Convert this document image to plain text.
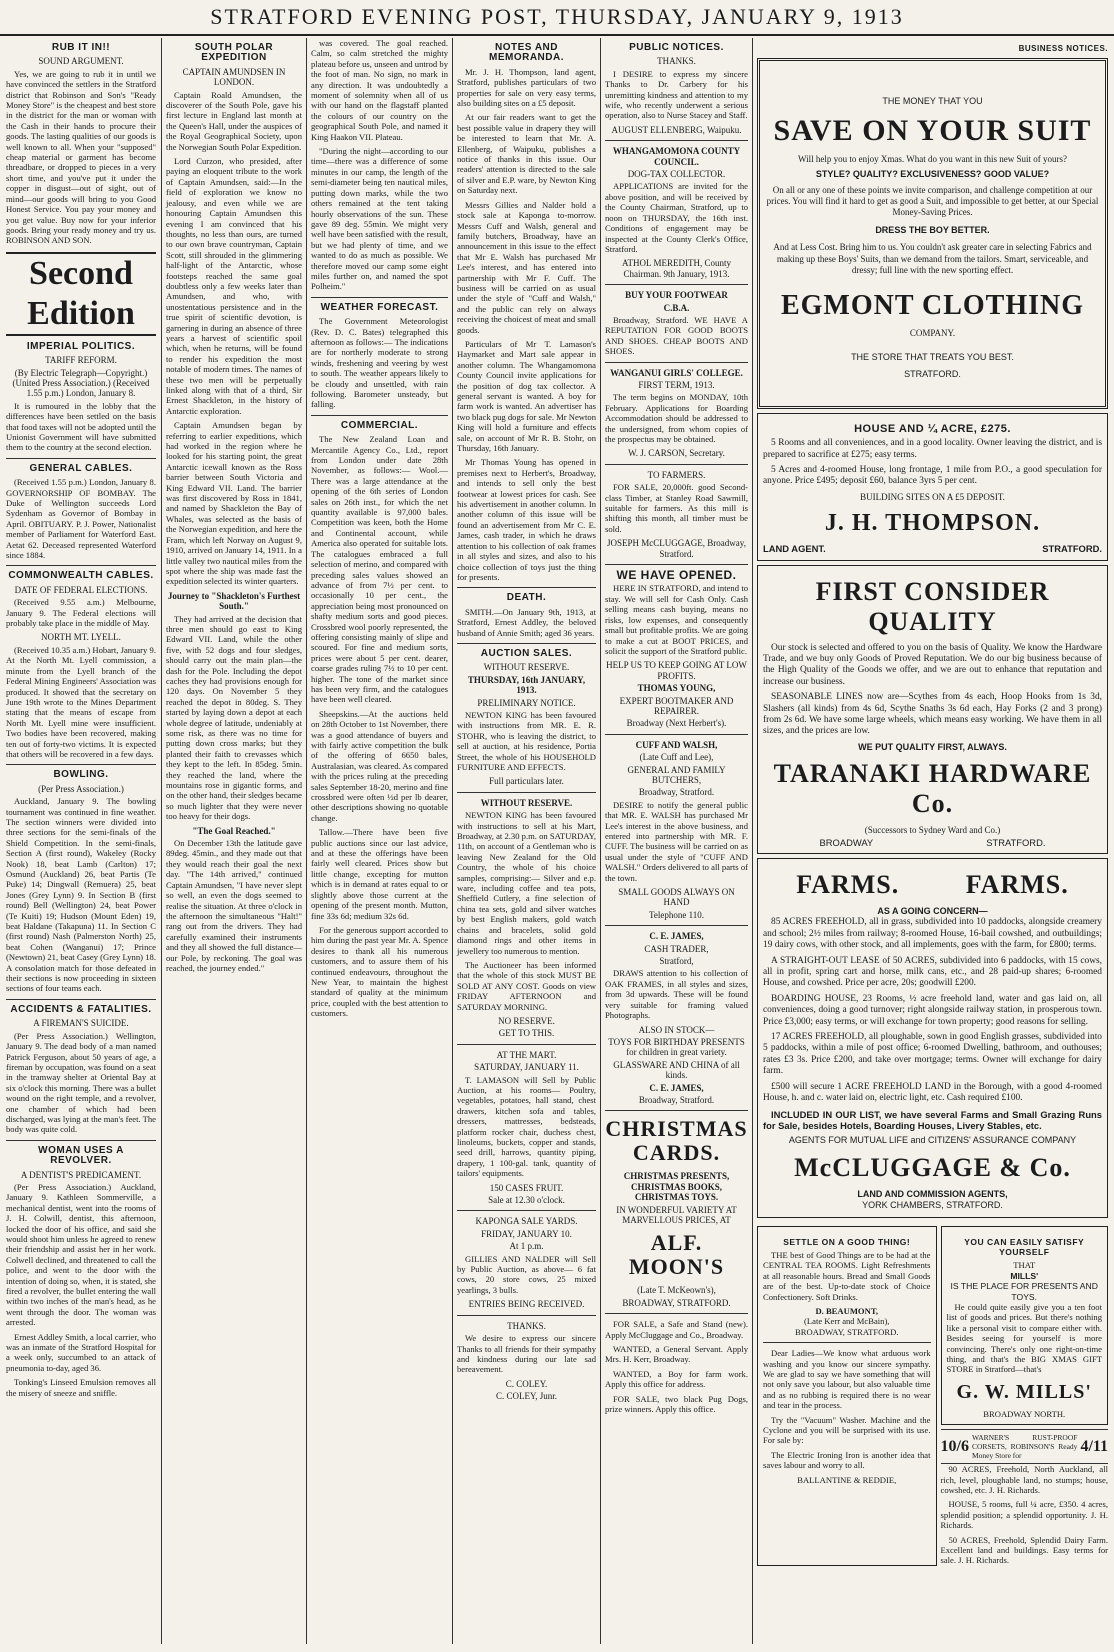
STRATFORD EVENING POST, THURSDAY, JANUARY 9, 1913
RUB IT IN!!
SOUND ARGUMENT.

Yes, we are going to rub it in until we have convinced the settlers in the Stratford district that Robinson and Son's "Ready Money Store" is the cheapest and best store in the district for the man or woman with the Cash in their hands to procure their goods. The lasting qualities of our goods is well known to all. When your "supposed" cheap material or garment has become threadbare, or dropped to pieces in a very short time, and you've put it under the copper in disgust—out of sight, out of mind—our goods will bring to you Good Honest Service. You pay your money and you get value. Buy now for your inferior goods. Bring your ready money and try us. ROBINSON AND SON.

Second Edition
IMPERIAL POLITICS.
TARIFF REFORM.
(By Electric Telegraph—Copyright.) (United Press Association.) (Received 1.55 p.m.) London, January 8.

It is rumoured in the lobby that the differences have been settled on the basis that food taxes will not be adopted until the Unionist Government will have submitted them to the country at the second election.

GENERAL CABLES.

(Received 1.55 p.m.) London, January 8. GOVERNORSHIP OF BOMBAY. The Duke of Wellington succeeds Lord Sydenham as Governor of Bombay in April. OBITUARY. P. J. Power, Nationalist member of Parliament for Waterford East. Aetat 62. Deceased represented Waterford since 1884.

COMMONWEALTH CABLES.
DATE OF FEDERAL ELECTIONS.

(Received 9.55 a.m.) Melbourne, January 9. The Federal elections will probably take place in the middle of May.

NORTH MT. LYELL.

(Received 10.35 a.m.) Hobart, January 9. At the North Mt. Lyell commission, a minute from the Lyell branch of the Federal Mining Engineers' Association was produced. It showed that the secretary on June 19th wrote to the Mines Department stating that the means of escape from North Mt. Lyell mine were insufficient. Two bodies have been recovered, making ten out of forty-two victims. It is expected that others will be recovered in a few days.

BOWLING.
(Per Press Association.)

Auckland, January 9. The bowling tournament was continued in fine weather. The section winners were divided into three sections for the semi-finals of the Shield Competition. In the semi-finals, Section A (first round), Wakeley (Rocky Nook) 18, beat Lamb (Carlton) 17; Osmund (Auckland) 26, beat Partis (Te Puke) 14; Dingwall (Remuera) 25, beat Jones (Grey Lynn) 9. In Section B (first round) Bell (Wellington) 24, beat Power (Te Kuiti) 19; Hudson (Mount Eden) 19, beat Haldane (Takapuna) 11. In Section C (first round) Nash (Palmerston North) 25, beat Cohen (Wanganui) 17; Prince (Newtown) 21, beat Casey (Grey Lynn) 18. A consolation match for those defeated in their sections is now proceeding in sixteen sections of four teams each.

ACCIDENTS & FATALITIES.
A FIREMAN'S SUICIDE.

(Per Press Association.) Wellington, January 9. The dead body of a man named Patrick Ferguson, about 50 years of age, a fireman by occupation, was found on a seat in the tramway shelter at Oriental Bay at six o'clock this morning. There was a bullet wound on the right temple, and a revolver, one chamber of which had been discharged, was lying at the man's feet. The body was quite cold.

WOMAN USES A REVOLVER.
A DENTIST'S PREDICAMENT.

(Per Press Association.) Auckland, January 9. Kathleen Sommerville, a mechanical dentist, went into the rooms of J. H. Colwill, dentist, this afternoon, locked the door of his office, and said she would shoot him unless he agreed to renew their friendship and assist her in her work. Colwell declined, and threatened to call the police, and went to the door with the intention of doing so, when, it is stated, she fired a revolver, the bullet entering the wall within two inches of the man's head, as he went through the door. The woman was arrested.

Ernest Addley Smith, a local carrier, who was an inmate of the Stratford Hospital for a week only, succumbed to an attack of pneumonia to-day, aged 36.

Tonking's Linseed Emulsion removes all the misery of sneeze and sniffle.

SOUTH POLAR EXPEDITION
CAPTAIN AMUNDSEN IN LONDON.

Captain Roald Amundsen, the discoverer of the South Pole, gave his first lecture in England last month at the Queen's Hall, under the auspices of the Royal Geographical Society, upon the Norwegian South Polar Expedition.

Lord Curzon, who presided, after paying an eloquent tribute to the work of Captain Amundsen, said:—In the field of exploration we know no jealousy, and even while we are honouring Captain Amundsen this evening I am convinced that his thoughts, no less than ours, are turned to our own brave countryman, Captain Scott, still shrouded in the glimmering half-light of the Antarctic, whose footsteps reached the same goal doubtless only a few weeks later than Amundsen, and who, with unostentatious persistence and in the true spirit of scientific devotion, is garnering in during an absence of three years a harvest of scientific spoil which, when he returns, will be found to render his expedition the most notable of modern times. The names of these two men will be perpetually linked along with that of a third, Sir Ernest Shackleton, in the history of Antarctic exploration.

Captain Amundsen began by referring to earlier expeditions, which had worked in the region where he looked for his starting point, the great Antarctic icewall known as the Ross barrier between South Victoria and King Edward VII. Land. The barrier was first discovered by Ross in 1841, and named by Shackleton the Bay of Whales, was selected as the basis of the Norwegian expedition, and here the Fram, which left Norway on August 9, 1910, arrived on January 14, 1911. In a little valley two nautical miles from the spot where the ship was made fast the expedition selected its winter quarters.

Journey to "Shackleton's Furthest South."

They had arrived at the decision that three men should go east to King Edward VII. Land, while the other five, with 52 dogs and four sledges, should carry out the main plan—the dash for the Pole. Including the depot caches they had provisions enough for 120 days. On November 5 they reached the depot in 80deg. S. They started by laying down a depot at each whole degree of latitude, undeniably at some risk, as there was no time for putting down cross marks; but they planted their faith to crevasses which they kept to the left. In 85deg. 5min. they reached the land, where the mountains rose in gigantic forms, and on the other hand, their sledges became so much lighter that they were never too heavy for their dogs.

"The Goal Reached."

On December 13th the latitude gave 89deg. 45min., and they made out that they would reach their goal the next day. "The 14th arrived," continued Captain Amundsen, "I have never slept so well, an even the dogs seemed to realise the situation. At three o'clock in the afternoon the simultaneous "Halt!" rang out from the drivers. They had carefully examined their instruments and they all showed the full distance—our Pole, by reckoning. The goal was reached, the journey ended."

was covered. The goal reached. Calm, so calm stretched the mighty plateau before us, unseen and untrod by the foot of man. No sign, no mark in any direction. It was undoubtedly a moment of solemnity when all of us with our hand on the flagstaff planted the colours of our country on the geographical South Pole, and named it King Haakon VII. Plateau.

"During the night—according to our time—there was a difference of some minutes in our camp, the length of the semi-diameter being ten nautical miles, putting down marks, while the two others remained at the tent taking hourly observations of the sun. These gave 89 deg. 55min. We might very well have been satisfied with the result, but we had plenty of time, and we wanted to do as much as possible. We therefore moved our camp some eight miles further on, and named the spot Polheim."

WEATHER FORECAST.

The Government Meteorologist (Rev. D. C. Bates) telegraphed this afternoon as follows:— The indications are for northerly moderate to strong winds, freshening and veering by west to south. The weather appears likely to be cloudy and unsettled, with rain following. Barometer unsteady, but falling.

COMMERCIAL.

The New Zealand Loan and Mercantile Agency Co., Ltd., report from London under date 28th November, as follows:— Wool.—There was a large attendance at the opening of the 6th series of London sales on 26th inst., for which the net quantity available is 97,000 bales. Competition was keen, both the Home and Continental account, while America also operated for suitable lots. The catalogues embraced a full selection of merino, and compared with preceding sales values showed an advance of from 7½ per cent. to occasionally 10 per cent., the appreciation being most pronounced on shafty medium sorts and good pieces. Crossbred wool poorly represented, the offering consisting mainly of slipe and scoured. For fine and medium sorts, prices were about 5 per cent. dearer, coarse grades ruling 7½ to 10 per cent. higher. The tone of the market since has been very firm, and the catalogues have been well cleared.

Sheepskins.—At the auctions held on 28th October to 1st November, there was a good attendance of buyers and with fairly active competition the bulk of the offering of 6650 bales, Australasian, was cleared. As compared with the prices ruling at the preceding sales September 18-20, merino and fine crossbred were often ½d per lb dearer, other descriptions showing no quotable change.

Tallow.—There have been five public auctions since our last advice, and at these the offerings have been fairly well cleared. Prices show but little change, excepting for mutton which is in demand at rates equal to or slightly above those current at the opening of the present month. Mutton, fine 33s 6d; medium 32s 6d.

For the generous support accorded to him during the past year Mr. A. Spence desires to thank all his numerous customers, and to assure them of his continued endeavours, throughout the New Year, to maintain the highest standard of quality at the minimum price, coupled with the best attention to customers.

NOTES AND MEMORANDA.

Mr. J. H. Thompson, land agent, Stratford, publishes particulars of two properties for sale on very easy terms, also building sites on a £5 deposit.

At our fair readers want to get the best possible value in drapery they will be interested to learn that Mr. A. Ellenberg, of Waipuku, publishes a notice of thanks in this issue. Our readers' attention is directed to the sale of silver and E.P. ware, by Newton King on Saturday next.

Messrs Gillies and Nalder hold a stock sale at Kaponga to-morrow. Messrs Cuff and Walsh, general and family butchers, Broadway, have an announcement in this issue to the effect that Mr E. Walsh has purchased Mr Lee's interest, and has entered into partnership with Mr F. Cuff. The business will be carried on as usual under the style of "Cuff and Walsh," and the public can rely on always receiving the choicest of meat and small goods.

Particulars of Mr T. Lamason's Haymarket and Mart sale appear in another column. The Whangamomona County Council invite applications for the position of dog tax collector. A general servant is wanted. A boy for farm work is wanted. An advertiser has two black pug dogs for sale. Mr Newton King will hold a furniture and effects sale, on account of Mr R. B. Stohr, on Thursday, 16th January.

Mr Thomas Young has opened in premises next to Herbert's, Broadway, and intends to sell only the best footwear at lowest prices for cash. See his advertisement in another column. In another column of this issue will be found an advertisement from Mr C. E. James, cash trader, in which he draws attention to his collection of oak frames in all styles and sizes, and also to his choice collection of toys just the thing for presents.

DEATH.

SMITH.—On January 9th, 1913, at Stratford, Ernest Addley, the beloved husband of Annie Smith; aged 36 years.

AUCTION SALES.
WITHOUT RESERVE.
THURSDAY, 16th JANUARY, 1913.
PRELIMINARY NOTICE.

NEWTON KING has been favoured with instructions from MR. E. R. STOHR, who is leaving the district, to sell at auction, at his residence, Portia Street, the whole of his HOUSEHOLD FURNITURE AND EFFECTS.

Full particulars later.
WITHOUT RESERVE.

NEWTON KING has been favoured with instructions to sell at his Mart, Broadway, at 2.30 p.m. on SATURDAY, 11th, on account of a Gentleman who is leaving New Zealand for the Old Country, the whole of his choice samples, comprising:— Silver and e.p. ware, including coffee and tea pots, Sheffield Cutlery, a fine selection of china tea sets, gold and silver watches by best English makers, gold watch chains and bracelets, solid gold diamond rings and other items in jewellery too numerous to mention.

The Auctioneer has been informed that the whole of this stock MUST BE SOLD AT ANY COST. Goods on view FRIDAY AFTERNOON and SATURDAY MORNING.

NO RESERVE.
GET TO THIS.
AT THE MART.
SATURDAY, JANUARY 11.

T. LAMASON will Sell by Public Auction, at his rooms— Poultry, vegetables, potatoes, hall stand, chest drawers, kitchen sofa and tables, dressers, mattresses, bedsteads, platform rocker chair, duchess chest, linoleums, buckets, copper and stands, seed drill, harrows, quantity piping, drapery, 1 100-gal. tank, quantity of tailors' equipments.

150 CASES FRUIT.
Sale at 12.30 o'clock.
KAPONGA SALE YARDS.
FRIDAY, JANUARY 10.
At 1 p.m.

GILLIES AND NALDER will Sell by Public Auction, as above— 6 fat cows, 20 store cows, 25 mixed yearlings, 3 bulls.

ENTRIES BEING RECEIVED.
THANKS.

We desire to express our sincere Thanks to all friends for their sympathy and kindness during our late sad bereavement.

C. COLEY.
C. COLEY, Junr.
PUBLIC NOTICES.
THANKS.

I DESIRE to express my sincere Thanks to Dr. Carbery for his unremitting kindness and attention to my wife, who recently underwent a serious operation, also to Nurse Stacey and Staff.

AUGUST ELLENBERG, Waipuku.
WHANGAMOMONA COUNTY COUNCIL.
DOG-TAX COLLECTOR.

APPLICATIONS are invited for the above position, and will be received by the County Chairman, Stratford, up to noon on THURSDAY, the 16th inst. Conditions of engagement may be inspected at the County Clerk's Office, Stratford.

ATHOL MEREDITH, County Chairman. 9th January, 1913.
BUY YOUR FOOTWEAR
C.B.A.

Broadway, Stratford. WE HAVE A REPUTATION FOR GOOD BOOTS AND SHOES. CHEAP BOOTS AND SHOES.

WANGANUI GIRLS' COLLEGE.
FIRST TERM, 1913.

The term begins on MONDAY, 10th February. Applications for Boarding Accommodation should be addressed to the undersigned, from whom copies of the prospectus may be obtained.

W. J. CARSON, Secretary.
TO FARMERS.

FOR SALE, 20,000ft. good Second-class Timber, at Stanley Road Sawmill, suitable for farmers. As this mill is shifting this month, all timber must be sold.

JOSEPH McCLUGGAGE, Broadway, Stratford.
WE HAVE OPENED.

HERE IN STRATFORD, and intend to stay. We will sell for Cash Only. Cash selling means cash buying, means no risks, low expenses, and consequently small but profitable profits. We are going to make a cut at BOOT PRICES, and solicit the support of the Stratford public.

HELP US TO KEEP GOING AT LOW PROFITS.
THOMAS YOUNG,
EXPERT BOOTMAKER AND REPAIRER.
Broadway (Next Herbert's).
CUFF AND WALSH,
(Late Cuff and Lee),
GENERAL AND FAMILY BUTCHERS,
Broadway, Stratford.

DESIRE to notify the general public that MR. E. WALSH has purchased Mr Lee's interest in the above business, and entered into partnership with MR. F. CUFF. The business will be carried on as usual under the style of "CUFF AND WALSH." Orders delivered to all parts of the town.

SMALL GOODS ALWAYS ON HAND
Telephone 110.
C. E. JAMES,
CASH TRADER,
Stratford,

DRAWS attention to his collection of OAK FRAMES, in all styles and sizes, from 3d upwards. These will be found very suitable for framing valued Photographs.

ALSO IN STOCK—
TOYS FOR BIRTHDAY PRESENTS for children in great variety.
GLASSWARE AND CHINA of all kinds.
C. E. JAMES,
Broadway, Stratford.
CHRISTMAS CARDS.
CHRISTMAS PRESENTS, CHRISTMAS BOOKS, CHRISTMAS TOYS.
IN WONDERFUL VARIETY AT MARVELLOUS PRICES, AT
ALF. MOON'S
(Late T. McKeown's),
BROADWAY, STRATFORD.

FOR SALE, a Safe and Stand (new). Apply McCluggage and Co., Broadway.

WANTED, a General Servant. Apply Mrs. H. Kerr, Broadway.

WANTED, a Boy for farm work. Apply this office for address.

FOR SALE, two black Pug Dogs, prize winners. Apply this office.

BUSINESS NOTICES.
THE MONEY THAT YOU
SAVE ON YOUR SUIT
Will help you to enjoy Xmas. What do you want in this new Suit of yours?
STYLE? QUALITY? EXCLUSIVENESS? GOOD VALUE?
On all or any one of these points we invite comparison, and challenge competition at our prices. You will find it hard to get as good a Suit, and impossible to get better, at our Special Money-Saving Prices.
DRESS THE BOY BETTER.
And at Less Cost. Bring him to us. You couldn't ask greater care in selecting Fabrics and making up these Boys' Suits, than we demand from the tailors. Smart, serviceable, and dressy; full line with the new sporting effect.
EGMONT CLOTHING
COMPANY.
THE STORE THAT TREATS YOU BEST.
STRATFORD.
HOUSE AND ¼ ACRE, £275.

5 Rooms and all conveniences, and in a good locality. Owner leaving the district, and is prepared to sacrifice at £275; easy terms.

5 Acres and 4-roomed House, long frontage, 1 mile from P.O., a good speculation for anyone. Price £495; deposit £60, balance 3yrs 5 per cent.

BUILDING SITES ON A £5 DEPOSIT.
J. H. THOMPSON.
LAND AGENT.	STRATFORD.
FIRST CONSIDER QUALITY

Our stock is selected and offered to you on the basis of Quality. We know the Hardware Trade, and we buy only Goods of Proved Reputation. We do our big business because of the High Quality of the Goods we offer, and we are out to enhance that reputation and increase our business.

SEASONABLE LINES now are—Scythes from 4s each, Hoop Hooks from 1s 3d, Slashers (all kinds) from 4s 6d, Scythe Snaths 3s 6d each, Hay Forks (2 and 3 prong) from 2s 6d. We have some large wheels, which means easy working. We have them in all sizes, and the prices are low.

WE PUT QUALITY FIRST, ALWAYS.
TARANAKI HARDWARE Co.
(Successors to Sydney Ward and Co.)
BROADWAY	STRATFORD.
FARMS.	FARMS.
AS A GOING CONCERN—

85 ACRES FREEHOLD, all in grass, subdivided into 10 paddocks, alongside creamery and school; 2½ miles from railway; 8-roomed House, 16-bail cowshed, and outbuildings; 19 dairy cows, with other stock, and all implements, goes with the farm, for £800; terms.

A STRAIGHT-OUT LEASE of 50 ACRES, subdivided into 6 paddocks, with 15 cows, all in profit, spring cart and horse, milk cans, etc., and 28 paid-up shares; 6-roomed House, and cowshed. Price per acre, 20s; goodwill £200.

BOARDING HOUSE, 23 Rooms, ½ acre freehold land, water and gas laid on, all conveniences, doing a good turnover; right alongside railway station, in prosperous town. Price £3,000; easy terms, or will exchange for town property; good reasons for selling.

17 ACRES FREEHOLD, all ploughable, sown in good English grasses, subdivided into 5 paddocks, within a mile of post office; 6-roomed Dwelling, bathroom, and outhouses; rates £3 3s. Price £200, and take over mortgage; terms. Owner will exchange for dairy farm.

£500 will secure 1 ACRE FREEHOLD LAND in the Borough, with a good 4-roomed House, h. and c. water laid on, electric light, etc. Cash required £100.

INCLUDED IN OUR LIST, we have several Farms and Small Grazing Runs for Sale, besides Hotels, Boarding Houses, Livery Stables, etc.

AGENTS FOR MUTUAL LIFE and CITIZENS' ASSURANCE COMPANY
McCLUGGAGE & Co.
LAND AND COMMISSION AGENTS,
YORK CHAMBERS, STRATFORD.
SETTLE ON A GOOD THING!

THE best of Good Things are to be had at the CENTRAL TEA ROOMS. Light Refreshments at all reasonable hours. Bread and Small Goods are of the best. Up-to-date stock of Choice Confectionery. Soft Drinks.

D. BEAUMONT,
(Late Kerr and McBain),
BROADWAY, STRATFORD.

Dear Ladies—We know what arduous work washing and you know our sincere sympathy. We are glad to say we have something that will not only save you labour, but also valuable time and as no rubbing is required there is no wear and tear in the process.

Try the "Vacuum" Washer. Machine and the Cyclone and you will be surprised with its use. For sale by:

The Electric Ironing Iron is another idea that saves labour and worry to all.

BALLANTINE & REDDIE,
YOU CAN EASILY SATISFY YOURSELF
THAT
MILLS'
IS THE PLACE FOR PRESENTS AND TOYS.

He could quite easily give you a ten foot list of goods and prices. But there's nothing like a personal visit to compare either with. Besides seeing for yourself is more convincing. There's only one right-on-time thing, and that's the BIG XMAS GIFT STORE in Stratford—that's

G. W. MILLS'
BROADWAY NORTH.
10/6 WARNER'S RUST-PROOF CORSETS, ROBINSON'S Ready Money Store for
4/11

90 ACRES, Freehold, North Auckland, all rich, level, ploughable land, no stumps; house, cowshed, etc. J. H. Richards.

HOUSE, 5 rooms, full ¼ acre, £350. 4 acres, splendid position; a splendid opportunity. J. H. Richards.

50 ACRES, Freehold, Splendid Dairy Farm. Excellent land and buildings. Easy terms for sale. J. H. Richards.
